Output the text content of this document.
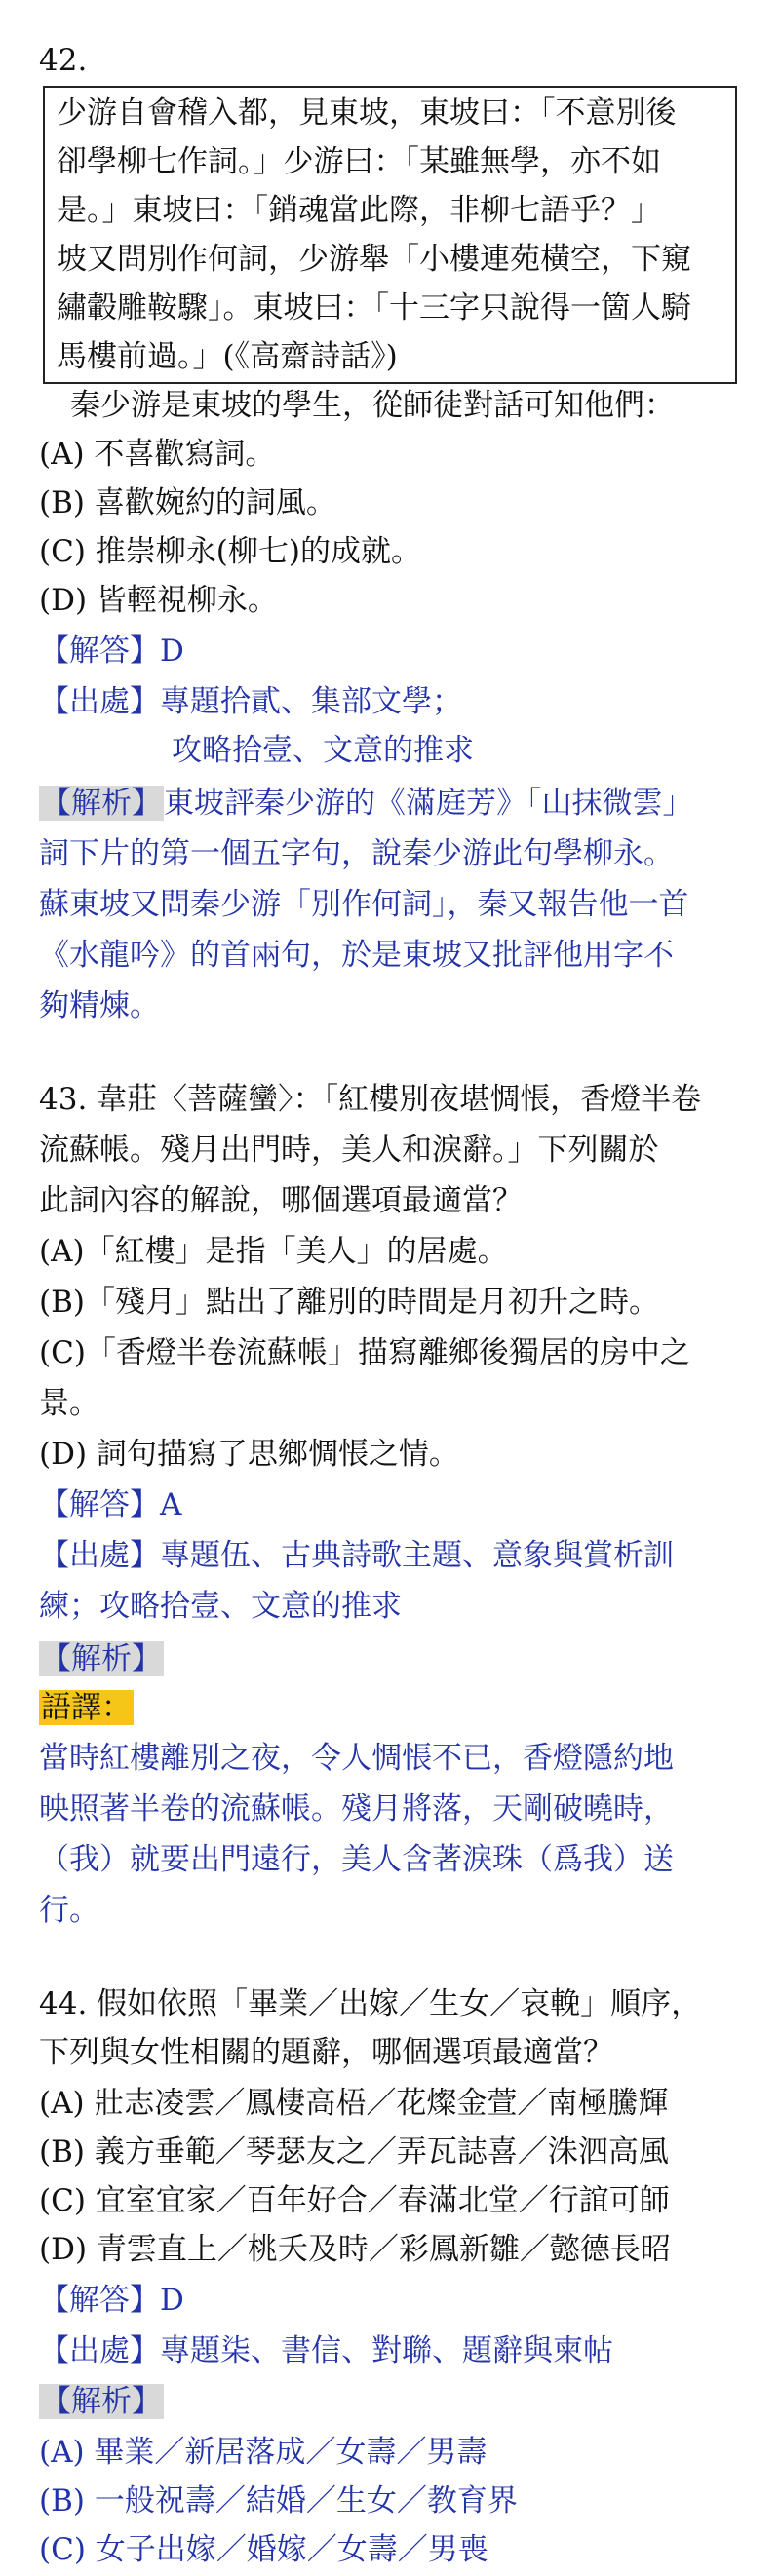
42.
少游自會稽入都，見東坡，東坡曰：「不意別後
卻學柳七作詞。」少游曰：「某雖無學，亦不如
是。」東坡曰：「銷魂當此際，非柳七語乎？」
坡又問別作何詞，少游舉「小樓連苑橫空，下窺
繡轂雕鞍驟」。東坡曰：「十三字只說得一箇人騎
馬樓前過。」(《高齋詩話》)
秦少游是東坡的學生，從師徒對話可知他們：
(A) 不喜歡寫詞。
(B) 喜歡婉約的詞風。
(C) 推崇柳永(柳七)的成就。
(D) 皆輕視柳永。
【解答】D
【出處】專題拾貳、集部文學；
攻略拾壹、文意的推求
【解析】東坡評秦少游的《滿庭芳》「山抹微雲」
詞下片的第一個五字句，說秦少游此句學柳永。
蘇東坡又問秦少游「別作何詞」，秦又報告他一首
《水龍吟》的首兩句，於是東坡又批評他用字不
夠精煉。
43. 韋莊〈菩薩蠻〉：「紅樓別夜堪惆悵，香燈半卷
流蘇帳。殘月出門時，美人和淚辭。」下列關於
此詞內容的解說，哪個選項最適當？
(A)「紅樓」是指「美人」的居處。
(B)「殘月」點出了離別的時間是月初升之時。
(C)「香燈半卷流蘇帳」描寫離鄉後獨居的房中之
景。
(D) 詞句描寫了思鄉惆悵之情。
【解答】A
【出處】專題伍、古典詩歌主題、意象與賞析訓
練；攻略拾壹、文意的推求
【解析】
語譯：
當時紅樓離別之夜，令人惆悵不已，香燈隱約地
映照著半卷的流蘇帳。殘月將落，天剛破曉時，
（我）就要出門遠行，美人含著淚珠（爲我）送
行。
44. 假如依照「畢業／出嫁／生女／哀輓」順序，
下列與女性相關的題辭，哪個選項最適當？
(A) 壯志凌雲／鳳棲高梧／花燦金萱／南極騰輝
(B) 義方垂範／琴瑟友之／弄瓦誌喜／洙泗高風
(C) 宜室宜家／百年好合／春滿北堂／行誼可師
(D) 青雲直上／桃夭及時／彩鳳新雛／懿德長昭
【解答】D
【出處】專題柒、書信、對聯、題辭與柬帖
【解析】
(A) 畢業／新居落成／女壽／男壽
(B) 一般祝壽／結婚／生女／教育界
(C) 女子出嫁／婚嫁／女壽／男喪
